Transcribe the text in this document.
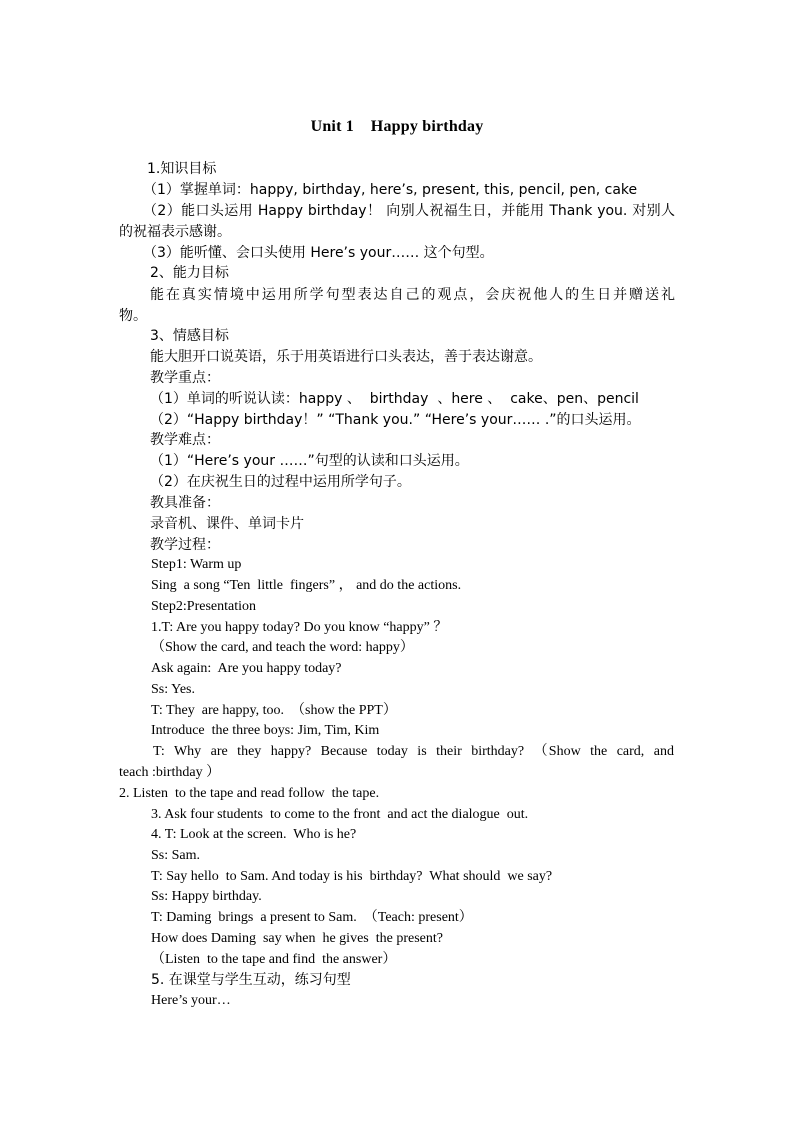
Unit 1    Happy birthday
1.知识目标
（1）掌握单词：happy, birthday, here’s, present, this, pencil, pen, cake
（2）能口头运用 Happy birthday！ 向别人祝福生日，并能用 Thank you. 对别人
的祝福表示感谢。
（3）能听懂、会口头使用 Here’s your…… 这个句型。
2、能力目标
能在真实情境中运用所学句型表达自己的观点，会庆祝他人的生日并赠送礼
物。
3、情感目标
能大胆开口说英语，乐于用英语进行口头表达，善于表达谢意。
教学重点：
（1）单词的听说认读：happy 、  birthday  、here 、  cake、pen、pencil
（2）“Happy birthday！” “Thank you.” “Here’s your…… .”的口头运用。
教学难点：
（1）“Here’s your ……”句型的认读和口头运用。
（2）在庆祝生日的过程中运用所学句子。
教具准备：
录音机、课件、单词卡片
教学过程：
Step1: Warm up
Sing  a song “Ten  little  fingers” ， and do the actions.
Step2:Presentation
1.T: Are you happy today? Do you know “happy” ？
（Show the card, and teach the word: happy）
Ask again:  Are you happy today?
Ss: Yes.
T: They  are happy, too.  （show the PPT）
Introduce  the three boys: Jim, Tim, Kim
T:  Why  are  they  happy?  Because  today  is  their  birthday?  （Show  the  card,  and
teach :birthday ）
2. Listen  to the tape and read follow  the tape.
3. Ask four students  to come to the front  and act the dialogue  out.
4. T: Look at the screen.  Who is he?
Ss: Sam.
T: Say hello  to Sam. And today is his  birthday?  What should  we say?
Ss: Happy birthday.
T: Daming  brings  a present to Sam.  （Teach: present）
How does Daming  say when  he gives  the present?
（Listen  to the tape and find  the answer）
5. 在课堂与学生互动，练习句型
Here’s your…
